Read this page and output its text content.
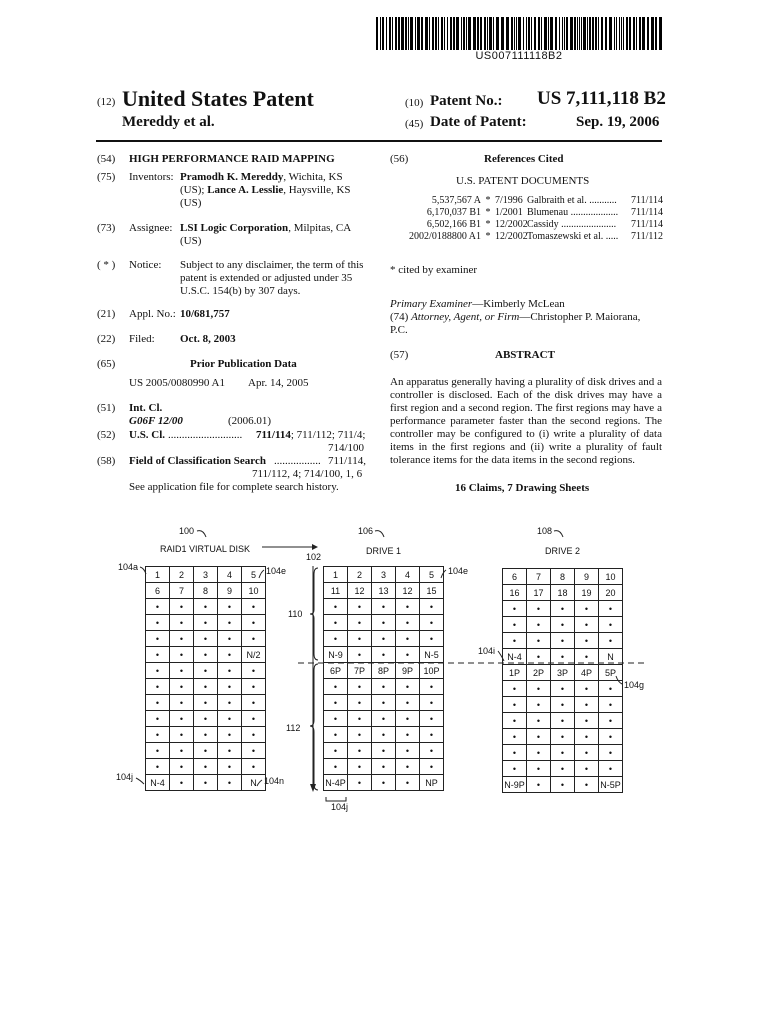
US007111118B2
(12) United States Patent
Mereddy et al.
(10) Patent No.: US 7,111,118 B2
(45) Date of Patent:	Sep. 19, 2006
(54) HIGH PERFORMANCE RAID MAPPING
(75) Inventors: Pramodh K. Mereddy, Wichita, KS
(US); Lance A. Lesslie, Haysville, KS
(US)
(73) Assignee: LSI Logic Corporation, Milpitas, CA
(US)
( * ) Notice: Subject to any disclaimer, the term of this
patent is extended or adjusted under 35
U.S.C. 154(b) by 307 days.
(21) Appl. No.: 10/681,757
(22) Filed: Oct. 8, 2003
(65)	Prior Publication Data
US 2005/0080990 A1 Apr. 14, 2005
(51) Int. Cl.
G06F 12/00	(2006.01)
(52) U.S. Cl. ........................... 711/114; 711/112; 711/4;
714/100
(58) Field of Classification Search ................. 711/114,
711/112, 4; 714/100, 1, 6
See application file for complete search history.
(56)	References Cited
U.S. PATENT DOCUMENTS
5,537,567 A * 7/1996 Galbraith et al. ...........	711/114
6,170,037 B1 * 1/2001 Blumenau ...................	711/114
6,502,166 B1 * 12/2002 Cassidy ......................	711/114
2002/0188800 A1 * 12/2002 Tomaszewski et al. .....	711/112
* cited by examiner
Primary Examiner—Kimberly McLean
(74) Attorney, Agent, or Firm—Christopher P. Maiorana,
P.C.
(57)	ABSTRACT
An apparatus generally having a plurality of disk drives and a controller is disclosed. Each of the disk drives may have a first region and a second region. The first regions may have a performance parameter faster than the second regions. The controller may be configured to (i) write a plurality of data items in the first regions and (ii) write a plurality of fault tolerance items for the data items in the second regions.
16 Claims, 7 Drawing Sheets
100	106	108
RAID1 VIRTUAL DISK	DRIVE 1	DRIVE 2
102
104a	104e	104e
110
104i
104g
112
104j	104n
104j
1	2	3	4	5
6	7	8	9	10
•	•	•	•	•
•	•	•	•	•
•	•	•	•	•
•	•	•	•	N/2
•	•	•	•	•
•	•	•	•	•
•	•	•	•	•
•	•	•	•	•
•	•	•	•	•
•	•	•	•	•
•	•	•	•	•
N-4	•	•	•	N
1	2	3	4	5
11	12	13	12	15
•	•	•	•	•
•	•	•	•	•
•	•	•	•	•
N-9	•	•	•	N-5
6P	7P	8P	9P	10P
•	•	•	•	•
•	•	•	•	•
•	•	•	•	•
•	•	•	•	•
•	•	•	•	•
•	•	•	•	•
N-4P	•	•	•	NP
6	7	8	9	10
16	17	18	19	20
•	•	•	•	•
•	•	•	•	•
•	•	•	•	•
N-4	•	•	•	N
1P	2P	3P	4P	5P
•	•	•	•	•
•	•	•	•	•
•	•	•	•	•
•	•	•	•	•
•	•	•	•	•
•	•	•	•	•
N-9P	•	•	•	N-5P
